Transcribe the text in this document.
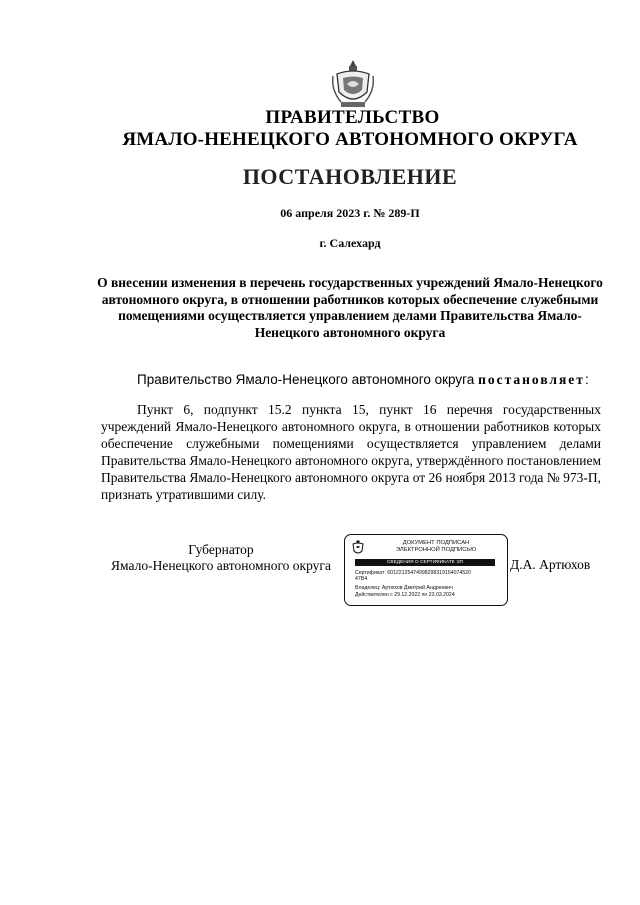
ПРАВИТЕЛЬСТВО
ЯМАЛО-НЕНЕЦКОГО АВТОНОМНОГО ОКРУГА
ПОСТАНОВЛЕНИЕ
06 апреля 2023 г. № 289-П
г. Салехард
О внесении изменения в перечень государственных учреждений Ямало-Ненецкого автономного округа, в отношении работников которых обеспечение служебными помещениями осуществляется управлением делами Правительства Ямало-Ненецкого автономного округа
Правительство Ямало-Ненецкого автономного округа постановляет:
Пункт 6, подпункт 15.2 пункта 15, пункт 16 перечня государственных учреждений Ямало-Ненецкого автономного округа, в отношении работников которых обеспечение служебными помещениями осуществляется управлением делами Правительства Ямало-Ненецкого автономного округа, утверждённого постановлением Правительства Ямало-Ненецкого автономного округа от 26 ноября 2013 года № 973-П, признать утратившими силу.
Губернатор
Ямало-Ненецкого автономного округа
ДОКУМЕНТ ПОДПИСАН
ЭЛЕКТРОННОЙ ПОДПИСЬЮ
СВЕДЕНИЯ О СЕРТИФИКАТЕ ЭП
Сертификат: 60122125474998298319164074520
47B4
Владелец: Артюхов Дмитрий Андреевич
Действителен с 29.12.2022 по 23.03.2024
Д.А. Артюхов
